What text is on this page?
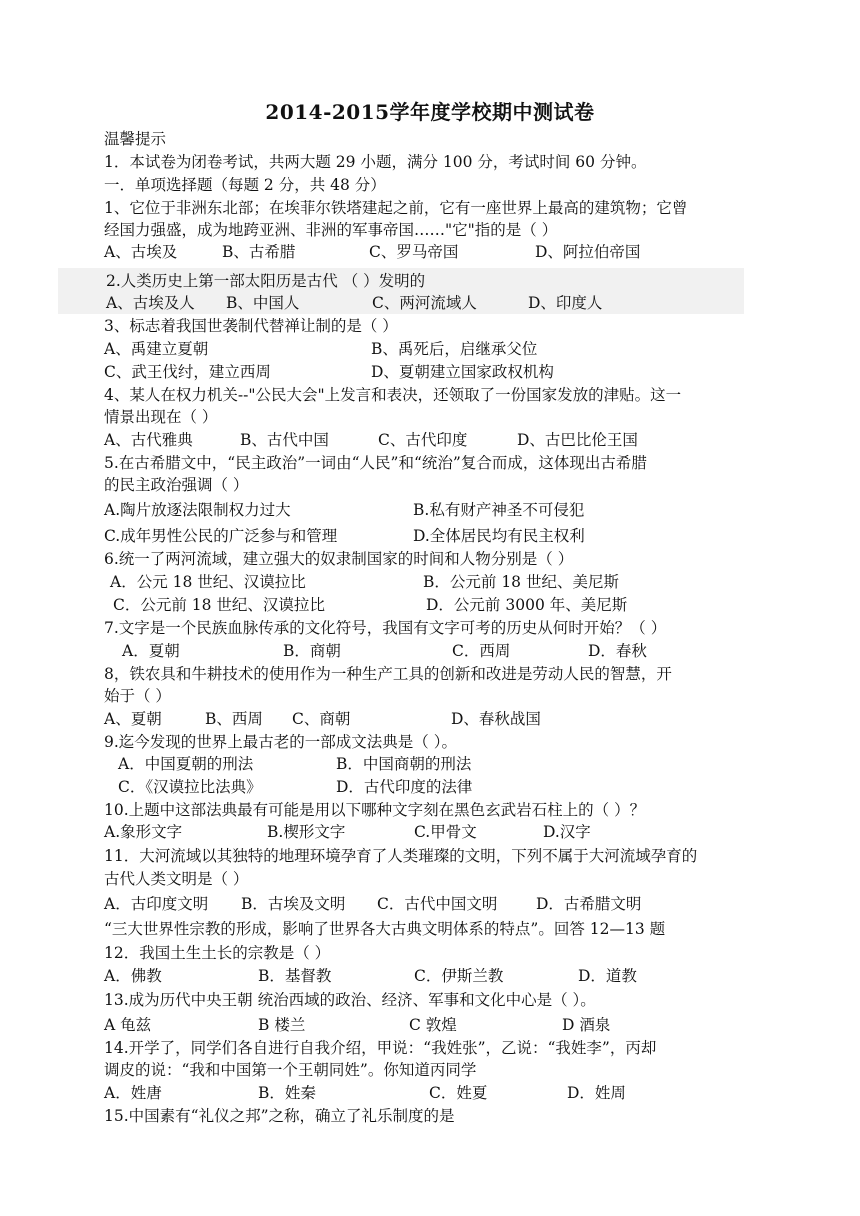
2014-2015学年度学校期中测试卷
温馨提示
1．本试卷为闭卷考试，共两大题 29 小题，满分 100 分，考试时间 60 分钟。
一．单项选择题（每题 2 分，共 48 分）
1、它位于非洲东北部；在埃菲尔铁塔建起之前，它有一座世界上最高的建筑物；它曾
经国力强盛，成为地跨亚洲、非洲的军事帝国……"它"指的是（ ）
A、古埃及	B、古希腊	C、罗马帝国	D、阿拉伯帝国
2.人类历史上第一部太阳历是古代 （ ）发明的
A、古埃及人 B、中国人	C、两河流域人	D、印度人
3、标志着我国世袭制代替禅让制的是（ ）
A、禹建立夏朝	B、禹死后，启继承父位
C、武王伐纣，建立西周	D、夏朝建立国家政权机构
4、某人在权力机关--"公民大会"上发言和表决，还领取了一份国家发放的津贴。这一
情景出现在（ ）
A、古代雅典	B、古代中国	C、古代印度	D、古巴比伦王国
5.在古希腊文中，“民主政治”一词由“人民”和“统治”复合而成，这体现出古希腊
的民主政治强调（ ）
A.陶片放逐法限制权力过大	B.私有财产神圣不可侵犯
C.成年男性公民的广泛参与和管理	D.全体居民均有民主权利
6.统一了两河流域，建立强大的奴隶制国家的时间和人物分别是（ ）
A．公元 18 世纪、汉谟拉比	B．公元前 18 世纪、美尼斯
C．公元前 18 世纪、汉谟拉比	D．公元前 3000 年、美尼斯
7.文字是一个民族血脉传承的文化符号，我国有文字可考的历史从何时开始？（ ）
A．夏朝	B．商朝	C．西周	D．春秋
8，铁农具和牛耕技术的使用作为一种生产工具的创新和改进是劳动人民的智慧，开
始于（ ）
A、夏朝	B、西周 C、商朝	D、春秋战国
9.迄今发现的世界上最古老的一部成文法典是（ ）。
A．中国夏朝的刑法	B．中国商朝的刑法
C．《汉谟拉比法典》	D．古代印度的法律
10.上题中这部法典最有可能是用以下哪种文字刻在黑色玄武岩石柱上的（ ）？
A.象形文字	B.楔形文字	C.甲骨文	D.汉字
11．大河流域以其独特的地理环境孕育了人类璀璨的文明，下列不属于大河流域孕育的
古代人类文明是（ ）
A．古印度文明 B．古埃及文明 C．古代中国文明 D．古希腊文明
“三大世界性宗教的形成，影响了世界各大古典文明体系的特点”。回答 12—13 题
12．我国土生土长的宗教是（ ）
A．佛教	B．基督教	C．伊斯兰教	D．道教
13.成为历代中央王朝 统治西域的政治、经济、军事和文化中心是（ ）。
A 龟兹	B 楼兰	C 敦煌	D 酒泉
14.开学了，同学们各自进行自我介绍，甲说：“我姓张”，乙说：“我姓李”，丙却
调皮的说：“我和中国第一个王朝同姓”。你知道丙同学
A．姓唐	B．姓秦	C．姓夏	D．姓周
15.中国素有“礼仪之邦”之称，确立了礼乐制度的是
